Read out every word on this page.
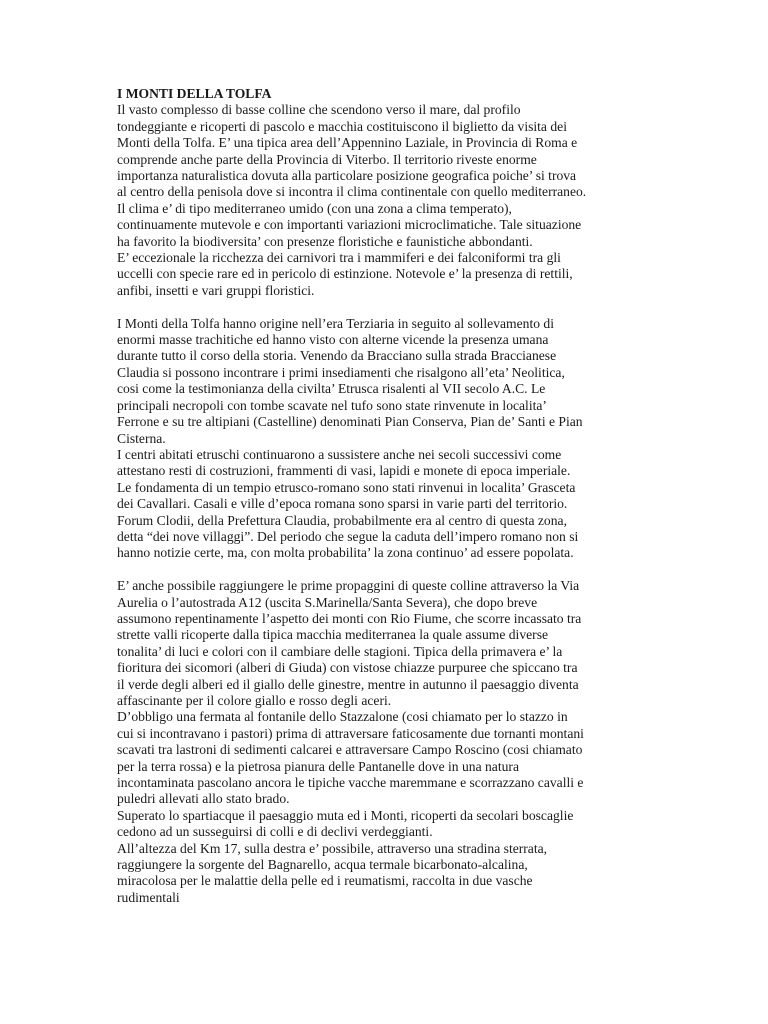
I MONTI DELLA TOLFA
Il vasto complesso di basse colline che scendono verso il mare, dal profilo
tondeggiante e ricoperti di pascolo e macchia costituiscono il biglietto da visita dei
Monti della Tolfa. E’ una tipica area dell’Appennino Laziale, in Provincia di Roma e
comprende anche parte della Provincia di Viterbo. Il territorio riveste enorme
importanza naturalistica dovuta alla particolare posizione geografica poiche’ si trova
al centro della penisola dove si incontra il clima continentale con quello mediterraneo.
Il clima e’ di tipo mediterraneo umido (con una zona a clima temperato),
continuamente mutevole e con importanti variazioni microclimatiche. Tale situazione
ha favorito la biodiversita’ con presenze floristiche e faunistiche abbondanti.
E’ eccezionale la ricchezza dei carnivori tra i mammiferi e dei falconiformi tra gli
uccelli con specie rare ed in pericolo di estinzione. Notevole e’ la presenza di rettili,
anfibi, insetti e vari gruppi floristici.
I Monti della Tolfa hanno origine nell’era Terziaria in seguito al sollevamento di
enormi masse trachitiche ed hanno visto con alterne vicende la presenza umana
durante tutto il corso della storia. Venendo da Bracciano sulla strada Braccianese
Claudia si possono incontrare i primi insediamenti che risalgono all’eta’ Neolitica,
cosi come la testimonianza della civilta’ Etrusca risalenti al VII secolo A.C. Le
principali necropoli con tombe scavate nel tufo sono state rinvenute in localita’
Ferrone e su tre altipiani (Castelline) denominati Pian Conserva, Pian de’ Santi e Pian
Cisterna.
I centri abitati etruschi continuarono a sussistere anche nei secoli successivi come
attestano resti di costruzioni, frammenti di vasi, lapidi e monete di epoca imperiale.
Le fondamenta di un tempio etrusco-romano sono stati rinvenui in localita’ Grasceta
dei Cavallari. Casali e ville d’epoca romana sono sparsi in varie parti del territorio.
Forum Clodii, della Prefettura Claudia, probabilmente era al centro di questa zona,
detta “dei nove villaggi”. Del periodo che segue la caduta dell’impero romano non si
hanno notizie certe, ma, con molta probabilita’ la zona continuo’ ad essere popolata.
E’ anche possibile raggiungere le prime propaggini di queste colline attraverso la Via
Aurelia o l’autostrada A12 (uscita S.Marinella/Santa Severa), che dopo breve
assumono repentinamente l’aspetto dei monti con Rio Fiume, che scorre incassato tra
strette valli ricoperte dalla tipica macchia mediterranea la quale assume diverse
tonalita’ di luci e colori con il cambiare delle stagioni. Tipica della primavera e’ la
fioritura dei sicomori (alberi di Giuda) con vistose chiazze purpuree che spiccano tra
il verde degli alberi ed il giallo delle ginestre, mentre in autunno il paesaggio diventa
affascinante per il colore giallo e rosso degli aceri.
D’obbligo una fermata al fontanile dello Stazzalone (cosi chiamato per lo stazzo in
cui si incontravano i pastori) prima di attraversare faticosamente due tornanti montani
scavati tra lastroni di sedimenti calcarei e attraversare Campo Roscino (cosi chiamato
per la terra rossa) e la pietrosa pianura delle Pantanelle dove in una natura
incontaminata pascolano ancora le tipiche vacche maremmane e scorrazzano cavalli e
puledri allevati allo stato brado.
Superato lo spartiacque il paesaggio muta ed i Monti, ricoperti da secolari boscaglie
cedono ad un susseguirsi di colli e di declivi verdeggianti.
All’altezza del Km 17, sulla destra e’ possibile, attraverso una stradina sterrata,
raggiungere la sorgente del Bagnarello, acqua termale bicarbonato-alcalina,
miracolosa per le malattie della pelle ed i reumatismi, raccolta in due vasche
rudimentali
